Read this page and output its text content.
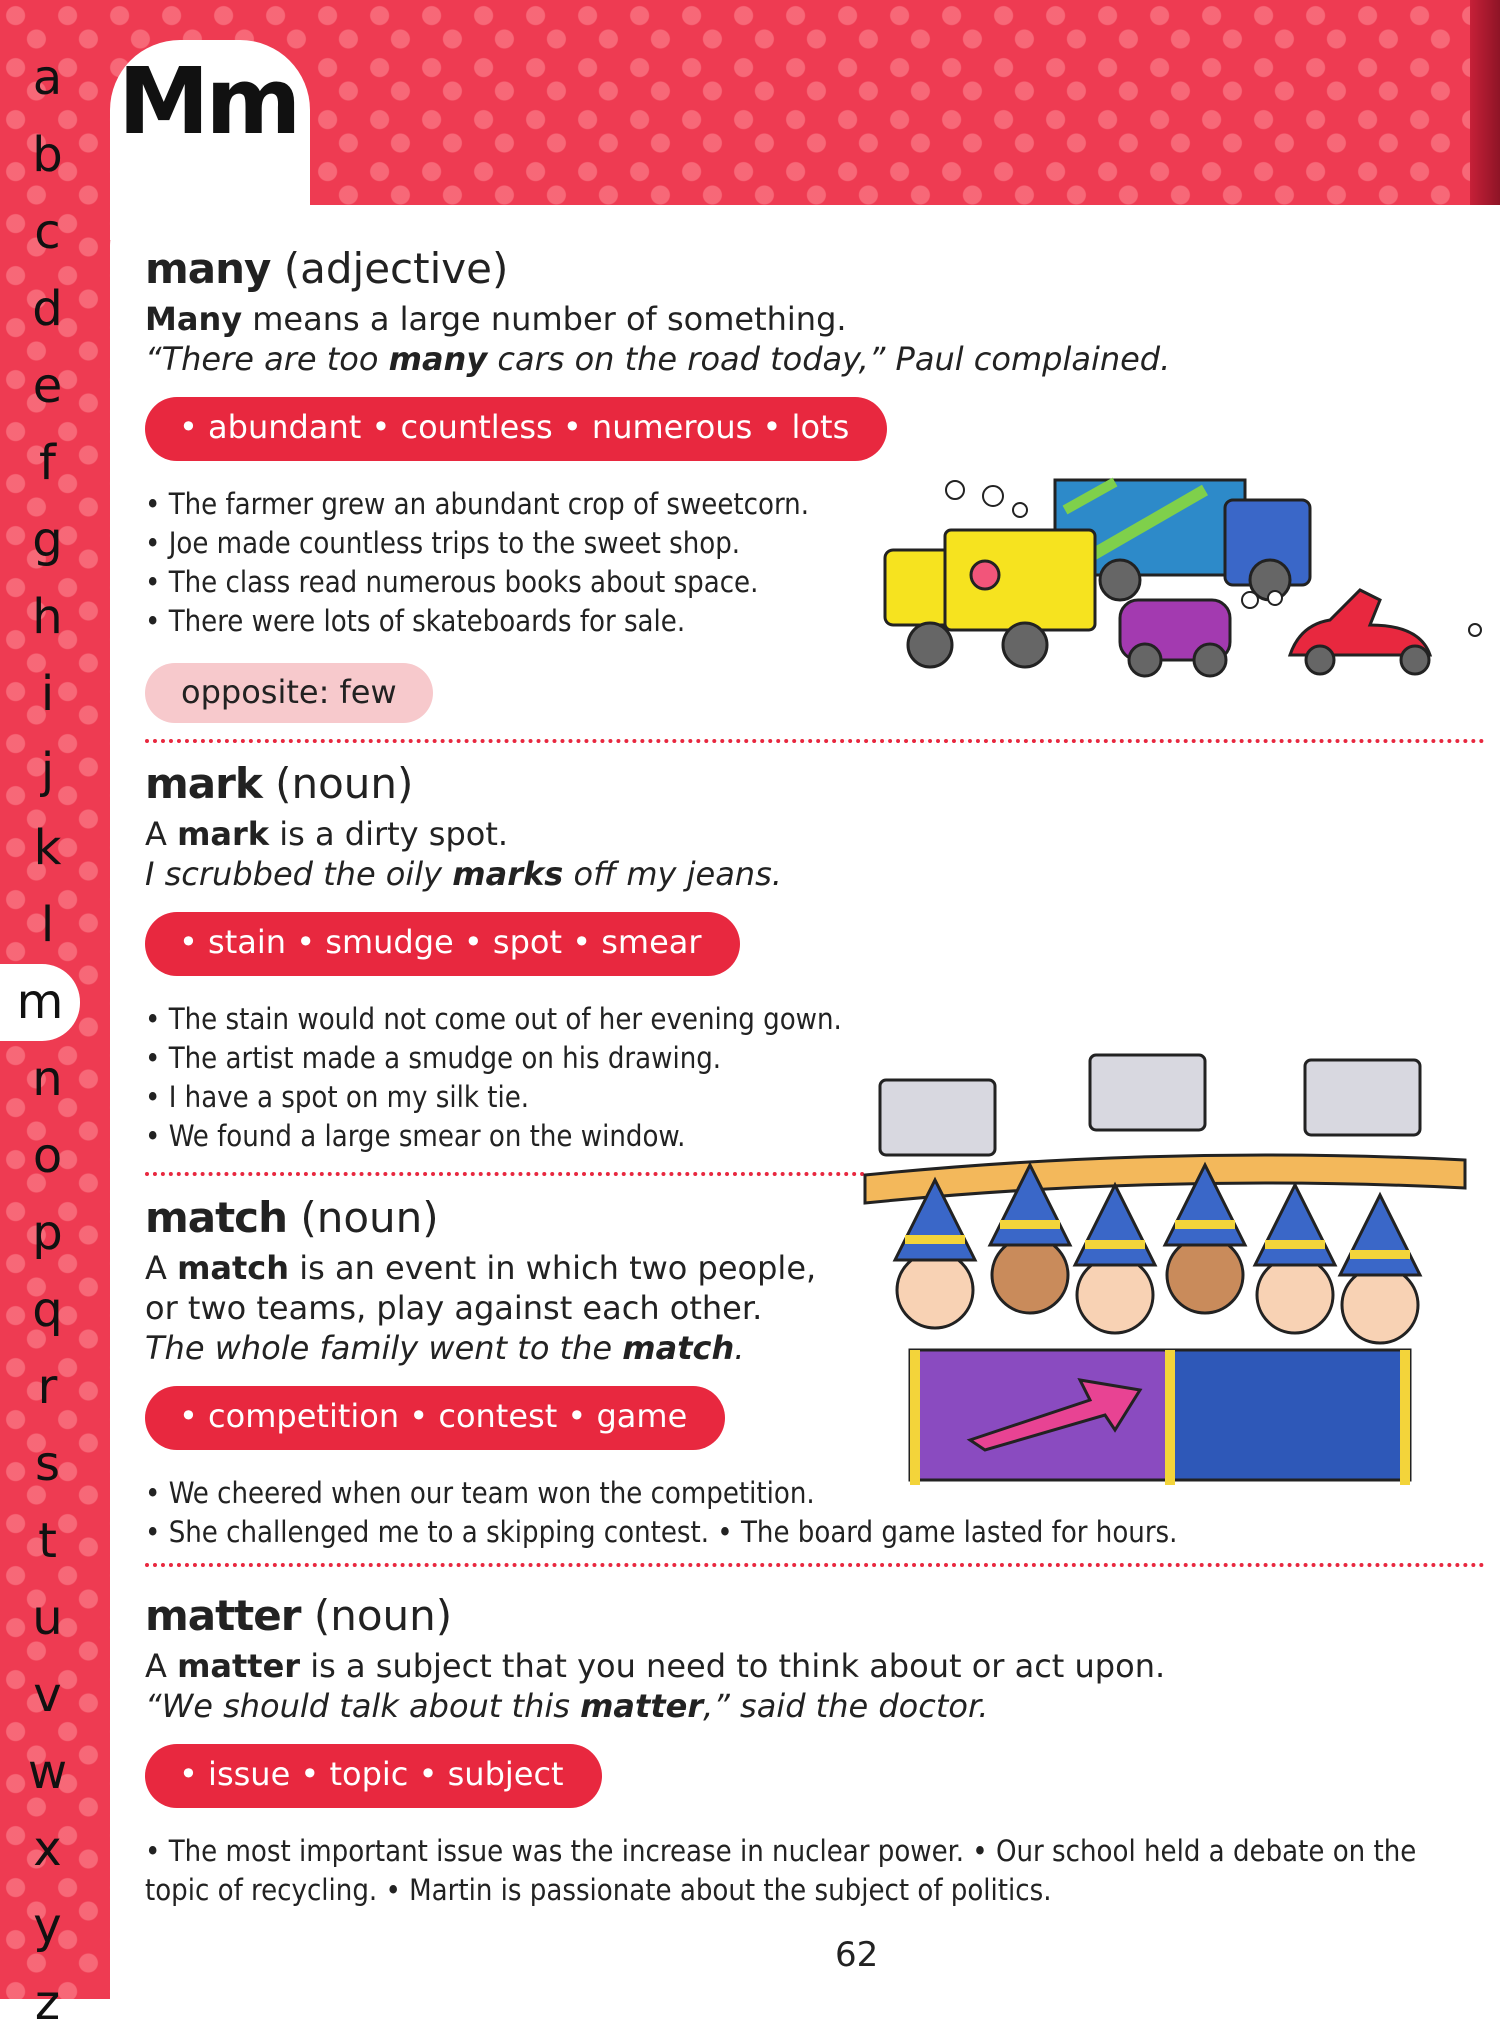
Mm
a
b
c
d
e
f
g
h
i
j
k
l
m
n
o
p
q
r
s
t
u
v
w
x
y
z
many (adjective)
Many means a large number of something.
“There are too many cars on the road today,” Paul complained.
• abundant • countless • numerous • lots
• The farmer grew an abundant crop of sweetcorn.
• Joe made countless trips to the sweet shop.
• The class read numerous books about space.
• There were lots of skateboards for sale.
opposite: few
mark (noun)
A mark is a dirty spot.
I scrubbed the oily marks off my jeans.
• stain • smudge • spot • smear
• The stain would not come out of her evening gown.
• The artist made a smudge on his drawing.
• I have a spot on my silk tie.
• We found a large smear on the window.
match (noun)
A match is an event in which two people,
or two teams, play against each other.
The whole family went to the match.
• competition • contest • game
• We cheered when our team won the competition.
• She challenged me to a skipping contest. • The board game lasted for hours.
matter (noun)
A matter is a subject that you need to think about or act upon.
“We should talk about this matter,” said the doctor.
• issue • topic • subject
• The most important issue was the increase in nuclear power. • Our school held a debate on the
topic of recycling. • Martin is passionate about the subject of politics.
62
